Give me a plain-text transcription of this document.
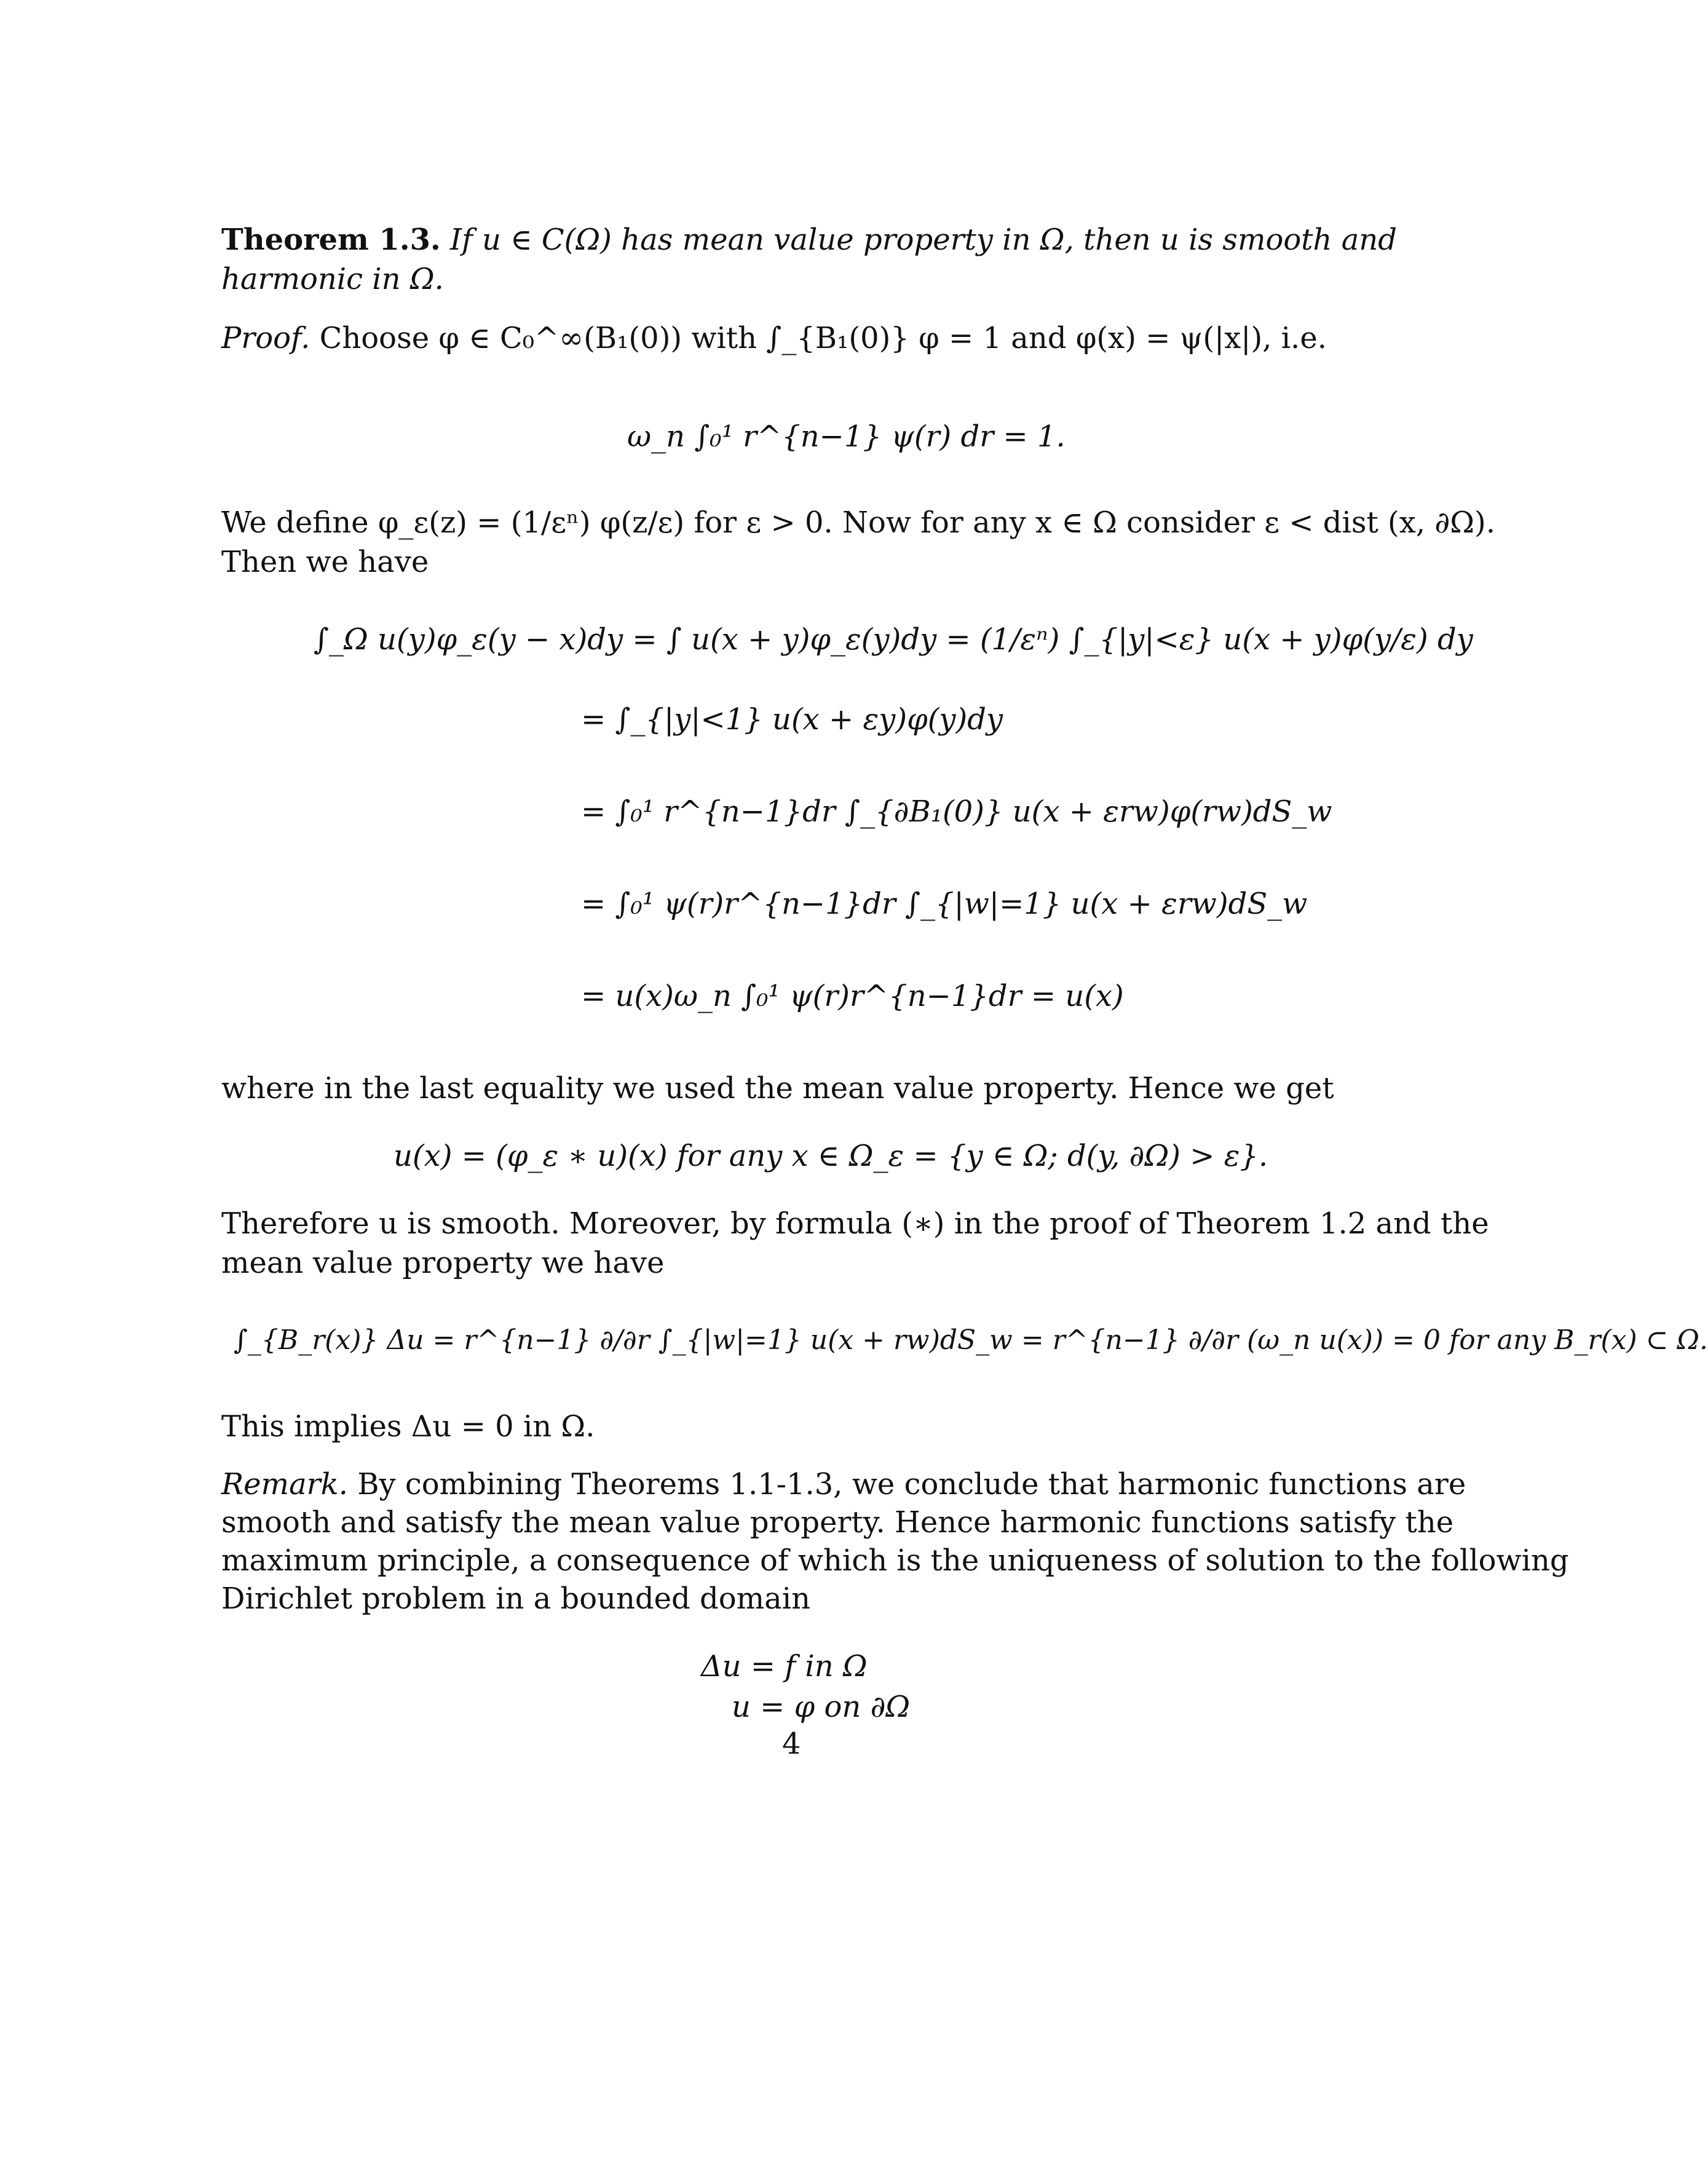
Theorem 1.3. If u ∈ C(Ω) has mean value property in Ω, then u is smooth and
harmonic in Ω.
Proof. Choose φ ∈ C₀^∞(B₁(0)) with ∫_{B₁(0)} φ = 1 and φ(x) = ψ(|x|), i.e.
ω_n ∫₀¹ r^{n−1} ψ(r) dr = 1.
We define φ_ε(z) = (1/εⁿ) φ(z/ε) for ε > 0. Now for any x ∈ Ω consider ε < dist (x, ∂Ω).
Then we have
∫_Ω u(y)φ_ε(y − x)dy = ∫ u(x + y)φ_ε(y)dy = (1/εⁿ) ∫_{|y|<ε} u(x + y)φ(y/ε) dy
= ∫_{|y|<1} u(x + εy)φ(y)dy
= ∫₀¹ r^{n−1}dr ∫_{∂B₁(0)} u(x + εrw)φ(rw)dS_w
= ∫₀¹ ψ(r)r^{n−1}dr ∫_{|w|=1} u(x + εrw)dS_w
= u(x)ω_n ∫₀¹ ψ(r)r^{n−1}dr = u(x)
where in the last equality we used the mean value property. Hence we get
u(x) = (φ_ε ∗ u)(x) for any x ∈ Ω_ε = {y ∈ Ω; d(y, ∂Ω) > ε}.
Therefore u is smooth. Moreover, by formula (∗) in the proof of Theorem 1.2 and the
mean value property we have
∫_{B_r(x)} Δu = r^{n−1} ∂/∂r ∫_{|w|=1} u(x + rw)dS_w = r^{n−1} ∂/∂r (ω_n u(x)) = 0 for any B_r(x) ⊂ Ω.
This implies Δu = 0 in Ω.
Remark. By combining Theorems 1.1-1.3, we conclude that harmonic functions are
smooth and satisfy the mean value property. Hence harmonic functions satisfy the
maximum principle, a consequence of which is the uniqueness of solution to the following
Dirichlet problem in a bounded domain
Δu = f in Ω
u = φ on ∂Ω
4
